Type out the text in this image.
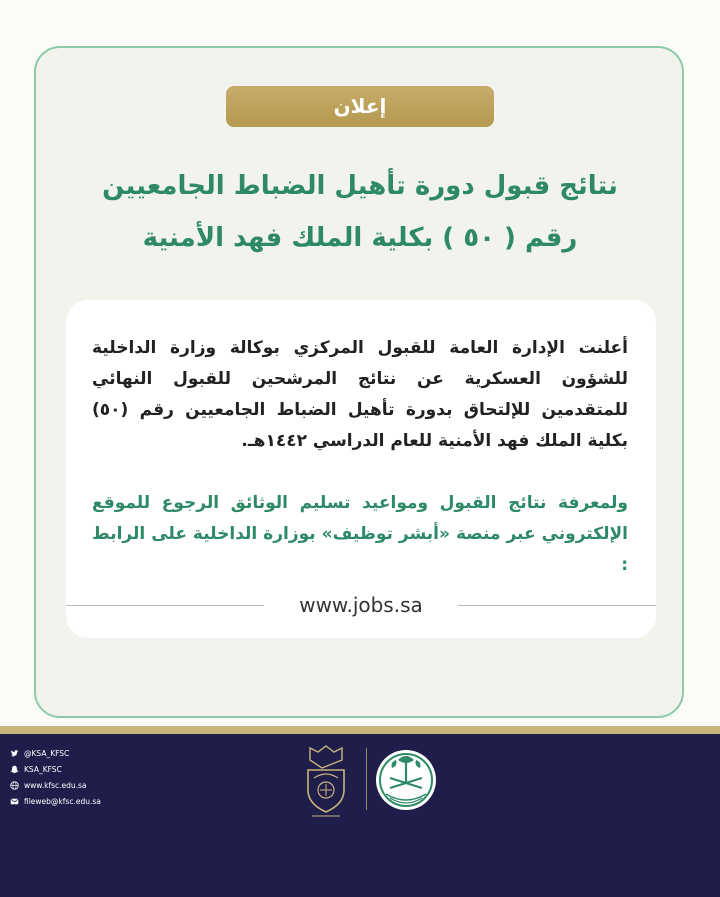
إعلان
نتائج قبول دورة تأهيل الضباط الجامعيين
رقم ( ٥٠ ) بكلية الملك فهد الأمنية
أعلنت الإدارة العامة للقبول المركزي بوكالة وزارة الداخلية للشؤون العسكرية عن نتائج المرشحين للقبول النهائي للمتقدمين للإلتحاق بدورة تأهيل الضباط الجامعيين رقم (٥٠) بكلية الملك فهد الأمنية للعام الدراسي ١٤٤٢هـ.
ولمعرفة نتائج القبول ومواعيد تسليم الوثائق الرجوع للموقع الإلكتروني عبر منصة «أبشر توظيف» بوزارة الداخلية على الرابط :
www.jobs.sa
@KSA_KFSC
KSA_KFSC
www.kfsc.edu.sa
fileweb@kfsc.edu.sa
